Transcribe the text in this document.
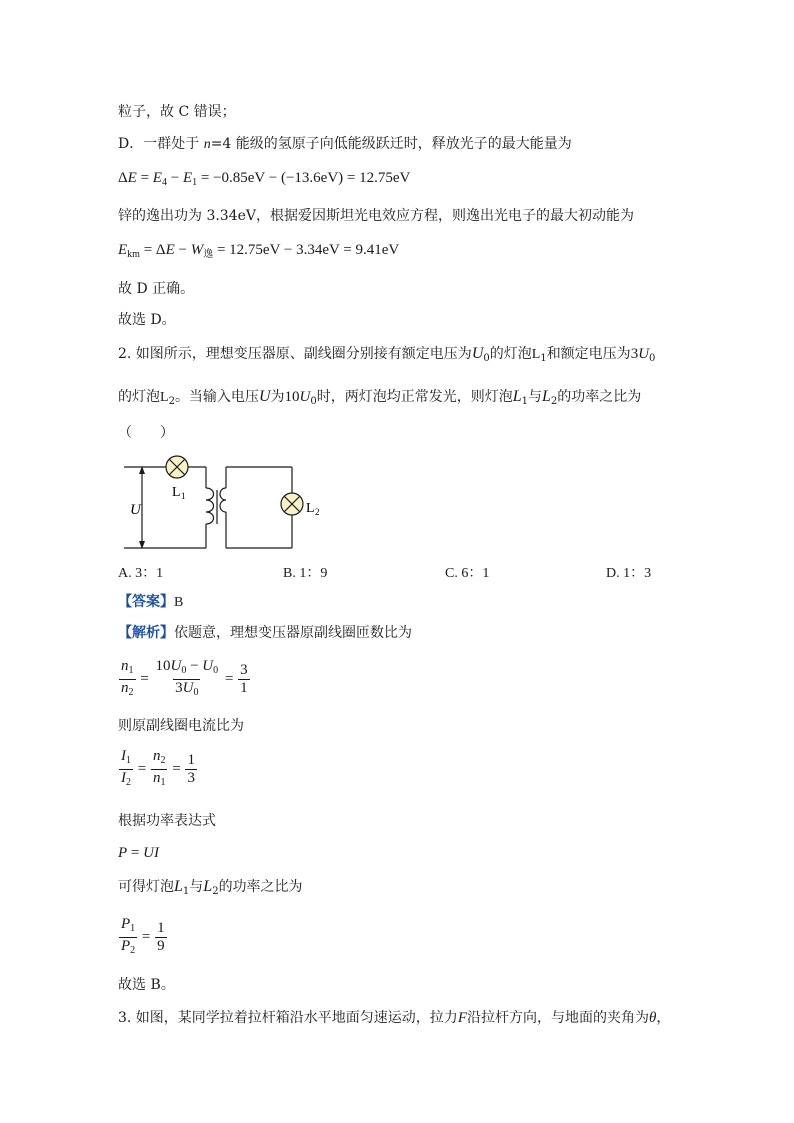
粒子，故 C 错误；
D．一群处于 n=4 能级的氢原子向低能级跃迁时，释放光子的最大能量为
$\Delta E = E_4 - E_1 = -0.85eV - (-13.6eV) = 12.75eV$
锌的逸出功为 3.34eV，根据爱因斯坦光电效应方程，则逸出光电子的最大初动能为
$E_{km} = \Delta E - W_逸 = 12.75eV - 3.34eV = 9.41eV$
故 D 正确。
故选 D。
2. 如图所示，理想变压器原、副线圈分别接有额定电压为$U_0$的灯泡$L_1$和额定电压为$3U_0$
的灯泡$L_2$。当输入电压U为$10U_0$时，两灯泡均正常发光，则灯泡$L_1$与$L_2$的功率之比为
（　　）
U
L 1
L 2
A. 3：1	B. 1：9	C. 6：1	D. 1：3
【答案】B
【解析】依题意，理想变压器原副线圈匝数比为
$\frac{n_1}{n_2} = \frac{10U_0 - U_0}{3U_0} = \frac{3}{1}$
则原副线圈电流比为
$\frac{I_1}{I_2} = \frac{n_2}{n_1} = \frac{1}{3}$
根据功率表达式
P = UI
可得灯泡$L_1$与$L_2$的功率之比为
$\frac{P_1}{P_2} = \frac{1}{9}$
故选 B。
3. 如图，某同学拉着拉杆箱沿水平地面匀速运动，拉力F沿拉杆方向，与地面的夹角为θ，
